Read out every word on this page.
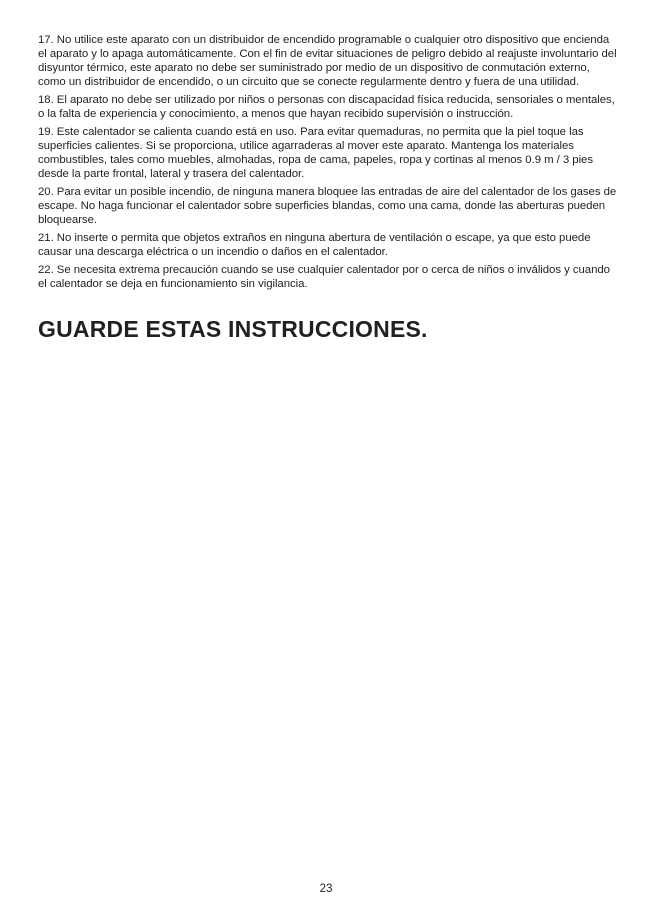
17. No utilice este aparato con un distribuidor de encendido programable o cualquier otro dispositivo que encienda el aparato y lo apaga automáticamente. Con el fin de evitar situaciones de peligro debido al reajuste involuntario del disyuntor térmico, este aparato no debe ser suministrado por medio de un dispositivo de conmutación externo, como un distribuidor de encendido, o un circuito que se conecte regularmente dentro y fuera de una utilidad.

18. El aparato no debe ser utilizado por niños o personas con discapacidad física reducida, sensoriales o mentales, o la falta de experiencia y conocimiento, a menos que hayan recibido supervisión o instrucción.

19. Este calentador se calienta cuando está en uso. Para evitar quemaduras, no permita que la piel toque las superficies calientes. Si se proporciona, utilice agarraderas al mover este aparato. Mantenga los materiales combustibles, tales como muebles, almohadas, ropa de cama, papeles, ropa y cortinas al menos 0.9 m / 3 pies desde la parte frontal, lateral y trasera del calentador.

20. Para evitar un posible incendio, de ninguna manera bloquee las entradas de aire del calentador de los gases de escape. No haga funcionar el calentador sobre superficies blandas, como una cama, donde las aberturas pueden bloquearse.

21. No inserte o permita que objetos extraños en ninguna abertura de ventilación o escape, ya que esto puede causar una descarga eléctrica o un incendio o daños en el calentador.

22. Se necesita extrema precaución cuando se use cualquier calentador por o cerca de niños o inválidos y cuando el calentador se deja en funcionamiento sin vigilancia.

GUARDE ESTAS INSTRUCCIONES.
23
